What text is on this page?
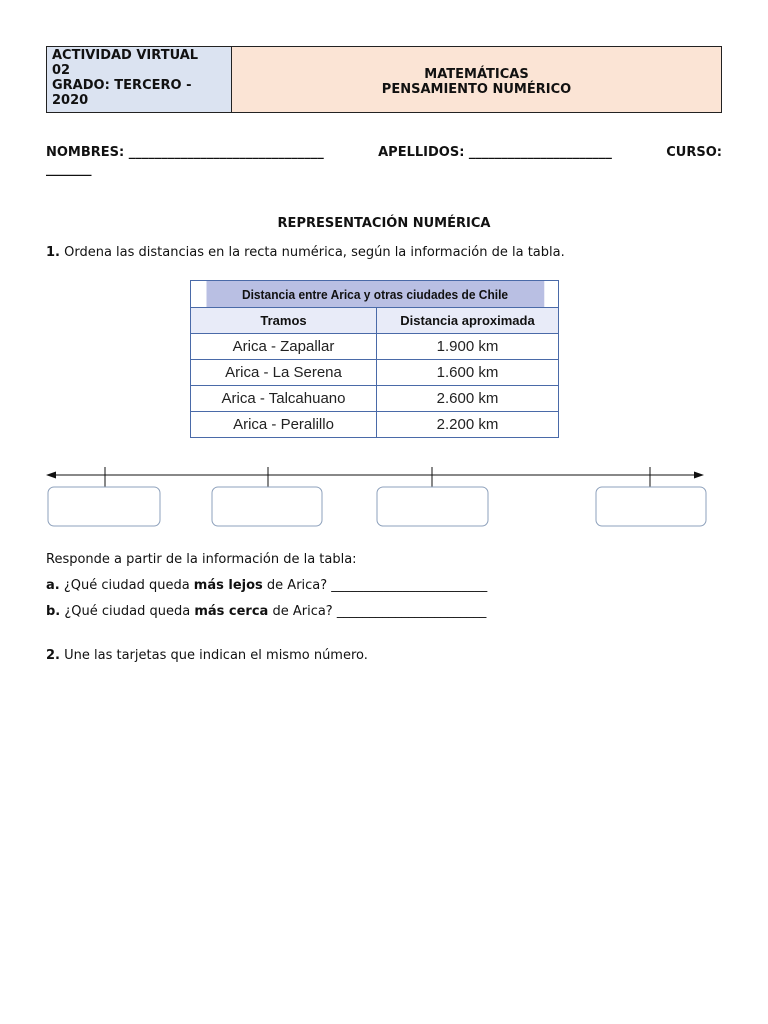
ACTIVIDAD VIRTUAL
02
GRADO: TERCERO -
2020
MATEMÁTICAS
PENSAMIENTO NUMÉRICO
NOMBRES: ______________________________	APELLIDOS: ______________________	CURSO:
_______
REPRESENTACIÓN NUMÉRICA
1. Ordena las distancias en la recta numérica, según la información de la tabla.
Distancia entre Arica y otras ciudades de Chile	
Tramos	Distancia aproximada
Arica - Zapallar	1.900 km
Arica - La Serena	1.600 km
Arica - Talcahuano	2.600 km
Arica - Peralillo	2.200 km
Responde a partir de la información de la tabla:
a. ¿Qué ciudad queda más lejos de Arica? ________________________
b. ¿Qué ciudad queda más cerca de Arica? _______________________
2. Une las tarjetas que indican el mismo número.
